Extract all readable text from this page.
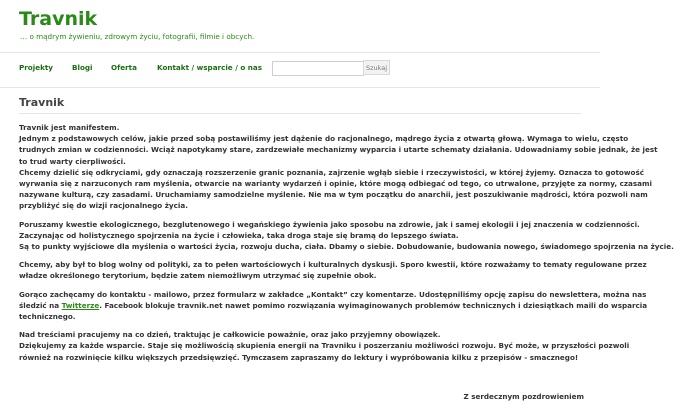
Travnik
… o mądrym żywieniu, zdrowym życiu, fotografii, filmie i obcych.
Projekty	Blogi	Oferta	Kontakt / wsparcie / o nas	Szukaj
Travnik

Travnik jest manifestem.
Jednym z podstawowych celów, jakie przed sobą postawiliśmy jest dążenie do racjonalnego, mądrego życia z otwartą głową. Wymaga to wielu, często
trudnych zmian w codzienności. Wciąż napotykamy stare, zardzewiałe mechanizmy wyparcia i utarte schematy działania. Udowadniamy sobie jednak, że jest
to trud warty cierpliwości.
Chcemy dzielić się odkryciami, gdy oznaczają rozszerzenie granic poznania, zajrzenie wgłąb siebie i rzeczywistości, w której żyjemy. Oznacza to gotowość
wyrwania się z narzuconych ram myślenia, otwarcie na warianty wydarzeń i opinie, które mogą odbiegać od tego, co utrwalone, przyjęte za normy, czasami
nazywane kulturą, czy zasadami. Uruchamiamy samodzielne myślenie. Nie ma w tym początku do anarchii, jest poszukiwanie mądrości, która pozwoli nam
przybliżyć się do wizji racjonalnego życia.

Poruszamy kwestie ekologicznego, bezglutenowego i wegańskiego żywienia jako sposobu na zdrowie, jak i samej ekologii i jej znaczenia w codzienności.
Zaczynając od holistycznego spojrzenia na życie i człowieka, taka droga staje się bramą do lepszego świata.
Są to punkty wyjściowe dla myślenia o wartości życia, rozwoju ducha, ciała. Dbamy o siebie. Dobudowanie, budowania nowego, świadomego spojrzenia na życie.

Chcemy, aby był to blog wolny od polityki, za to pełen wartościowych i kulturalnych dyskusji. Sporo kwestii, które rozważamy to tematy regulowane przez
władze określonego terytorium, będzie zatem niemożliwym utrzymać się zupełnie obok.

Gorąco zachęcamy do kontaktu - mailowo, przez formularz w zakładce „Kontakt” czy komentarze. Udostępniliśmy opcję zapisu do newslettera, można nas
śledzić na Twitterze. Facebook blokuje travnik.net nawet pomimo rozwiązania wyimaginowanych problemów technicznych i dziesiątkach maili do wsparcia
technicznego.

Nad treściami pracujemy na co dzień, traktując je całkowicie poważnie, oraz jako przyjemny obowiązek.
Dziękujemy za każde wsparcie. Staje się możliwością skupienia energii na Travniku i poszerzaniu możliwości rozwoju. Być może, w przyszłości pozwoli
również na rozwinięcie kilku większych przedsięwzięć. Tymczasem zapraszamy do lektury i wypróbowania kilku z przepisów - smacznego!

Z serdecznym pozdrowieniem
